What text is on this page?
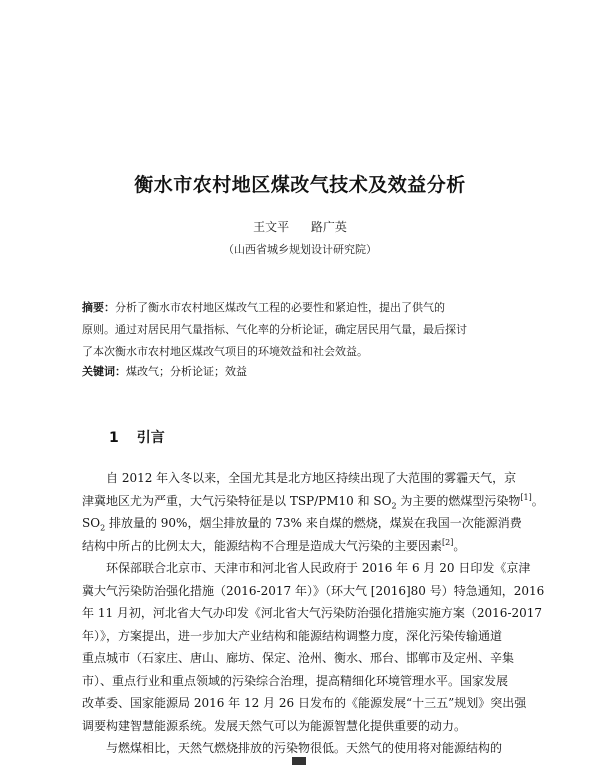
衡水市农村地区煤改气技术及效益分析
王文平 路广英
（山西省城乡规划设计研究院）
摘要：分析了衡水市农村地区煤改气工程的必要性和紧迫性，提出了供气的
原则。通过对居民用气量指标、气化率的分析论证，确定居民用气量，最后探讨
了本次衡水市农村地区煤改气项目的环境效益和社会效益。
关键词：煤改气；分析论证；效益
1 引言
自 2012 年入冬以来，全国尤其是北方地区持续出现了大范围的雾霾天气，京
津冀地区尤为严重，大气污染特征是以 TSP/PM10 和 $SO_2$ 为主要的燃煤型污染物[1]。
$SO_2$ 排放量的 90%，烟尘排放量的 73% 来自煤的燃烧，煤炭在我国一次能源消费
结构中所占的比例太大，能源结构不合理是造成大气污染的主要因素[2]。
环保部联合北京市、天津市和河北省人民政府于 2016 年 6 月 20 日印发《京津
冀大气污染防治强化措施（2016-2017 年）》（环大气 [2016]80 号）特急通知，2016
年 11 月初，河北省大气办印发《河北省大气污染防治强化措施实施方案（2016-2017
年）》，方案提出，进一步加大产业结构和能源结构调整力度，深化污染传输通道
重点城市（石家庄、唐山、廊坊、保定、沧州、衡水、邢台、邯郸市及定州、辛集
市）、重点行业和重点领域的污染综合治理，提高精细化环境管理水平。国家发展
改革委、国家能源局 2016 年 12 月 26 日发布的《能源发展“十三五”规划》突出强
调要构建智慧能源系统。发展天然气可以为能源智慧化提供重要的动力。
与燃煤相比，天然气燃烧排放的污染物很低。天然气的使用将对能源结构的
